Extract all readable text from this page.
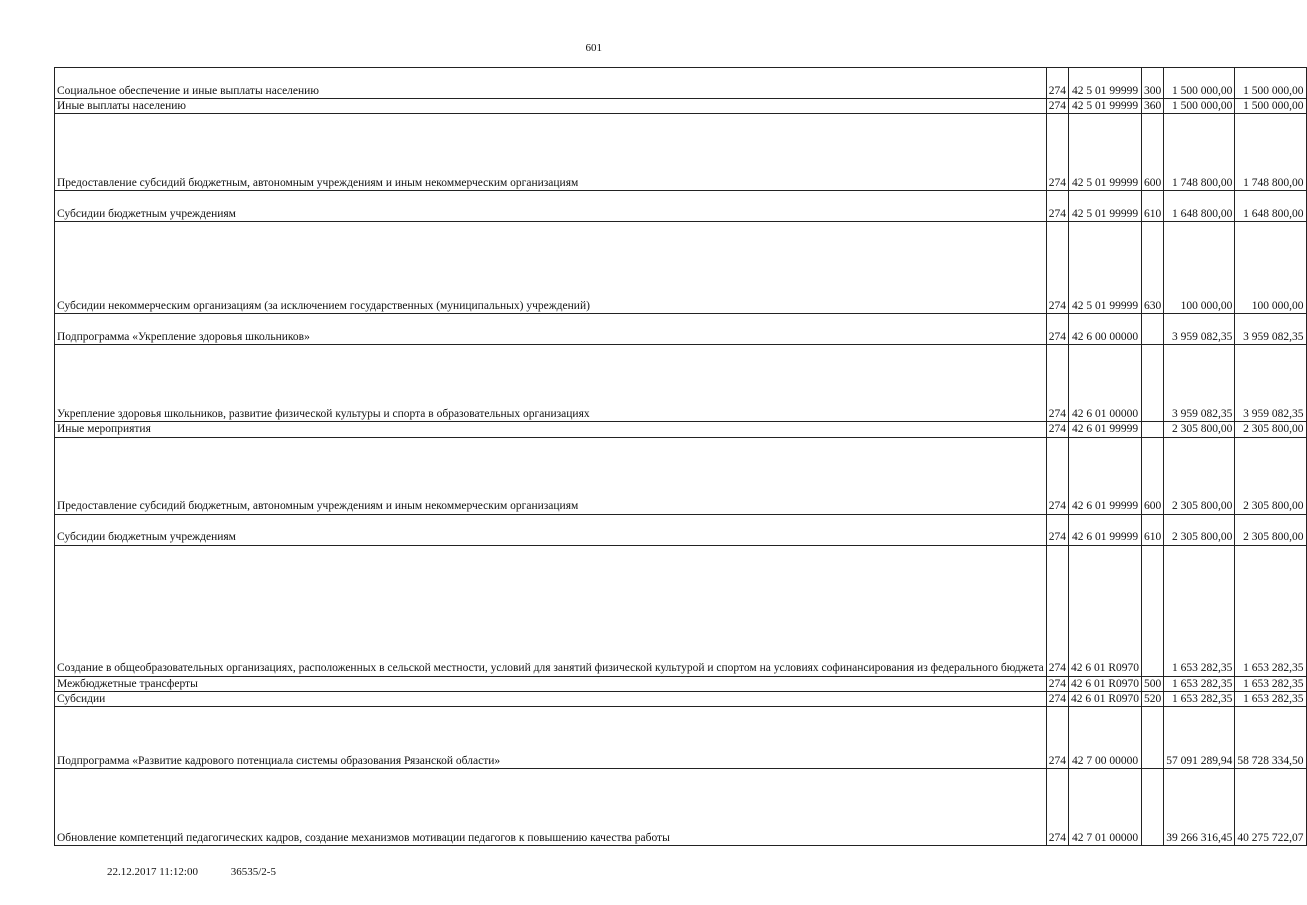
601
Социальное обеспечение и иные выплаты населению	274	42 5 01 99999	300	1 500 000,00	1 500 000,00
Иные выплаты населению	274	42 5 01 99999	360	1 500 000,00	1 500 000,00
Предоставление субсидий бюджетным, автономным учреждениям и иным некоммерческим организациям	274	42 5 01 99999	600	1 748 800,00	1 748 800,00
Субсидии бюджетным учреждениям	274	42 5 01 99999	610	1 648 800,00	1 648 800,00
Субсидии некоммерческим организациям (за исключением государственных (муниципальных) учреждений)	274	42 5 01 99999	630	100 000,00	100 000,00
Подпрограмма «Укрепление здоровья школьников»	274	42 6 00 00000		3 959 082,35	3 959 082,35
Укрепление здоровья школьников, развитие физической культуры и спорта в образовательных организациях	274	42 6 01 00000		3 959 082,35	3 959 082,35
Иные мероприятия	274	42 6 01 99999		2 305 800,00	2 305 800,00
Предоставление субсидий бюджетным, автономным учреждениям и иным некоммерческим организациям	274	42 6 01 99999	600	2 305 800,00	2 305 800,00
Субсидии бюджетным учреждениям	274	42 6 01 99999	610	2 305 800,00	2 305 800,00
Создание в общеобразовательных организациях, расположенных в сельской местности, условий для занятий физической культурой и спортом на условиях софинансирования из федерального бюджета	274	42 6 01 R0970		1 653 282,35	1 653 282,35
Межбюджетные трансферты	274	42 6 01 R0970	500	1 653 282,35	1 653 282,35
Субсидии	274	42 6 01 R0970	520	1 653 282,35	1 653 282,35
Подпрограмма «Развитие кадрового потенциала системы образования Рязанской области»	274	42 7 00 00000		57 091 289,94	58 728 334,50
Обновление компетенций педагогических кадров, создание механизмов мотивации педагогов к повышению качества работы	274	42 7 01 00000		39 266 316,45	40 275 722,07
22.12.2017 11:12:00	36535/2-5
